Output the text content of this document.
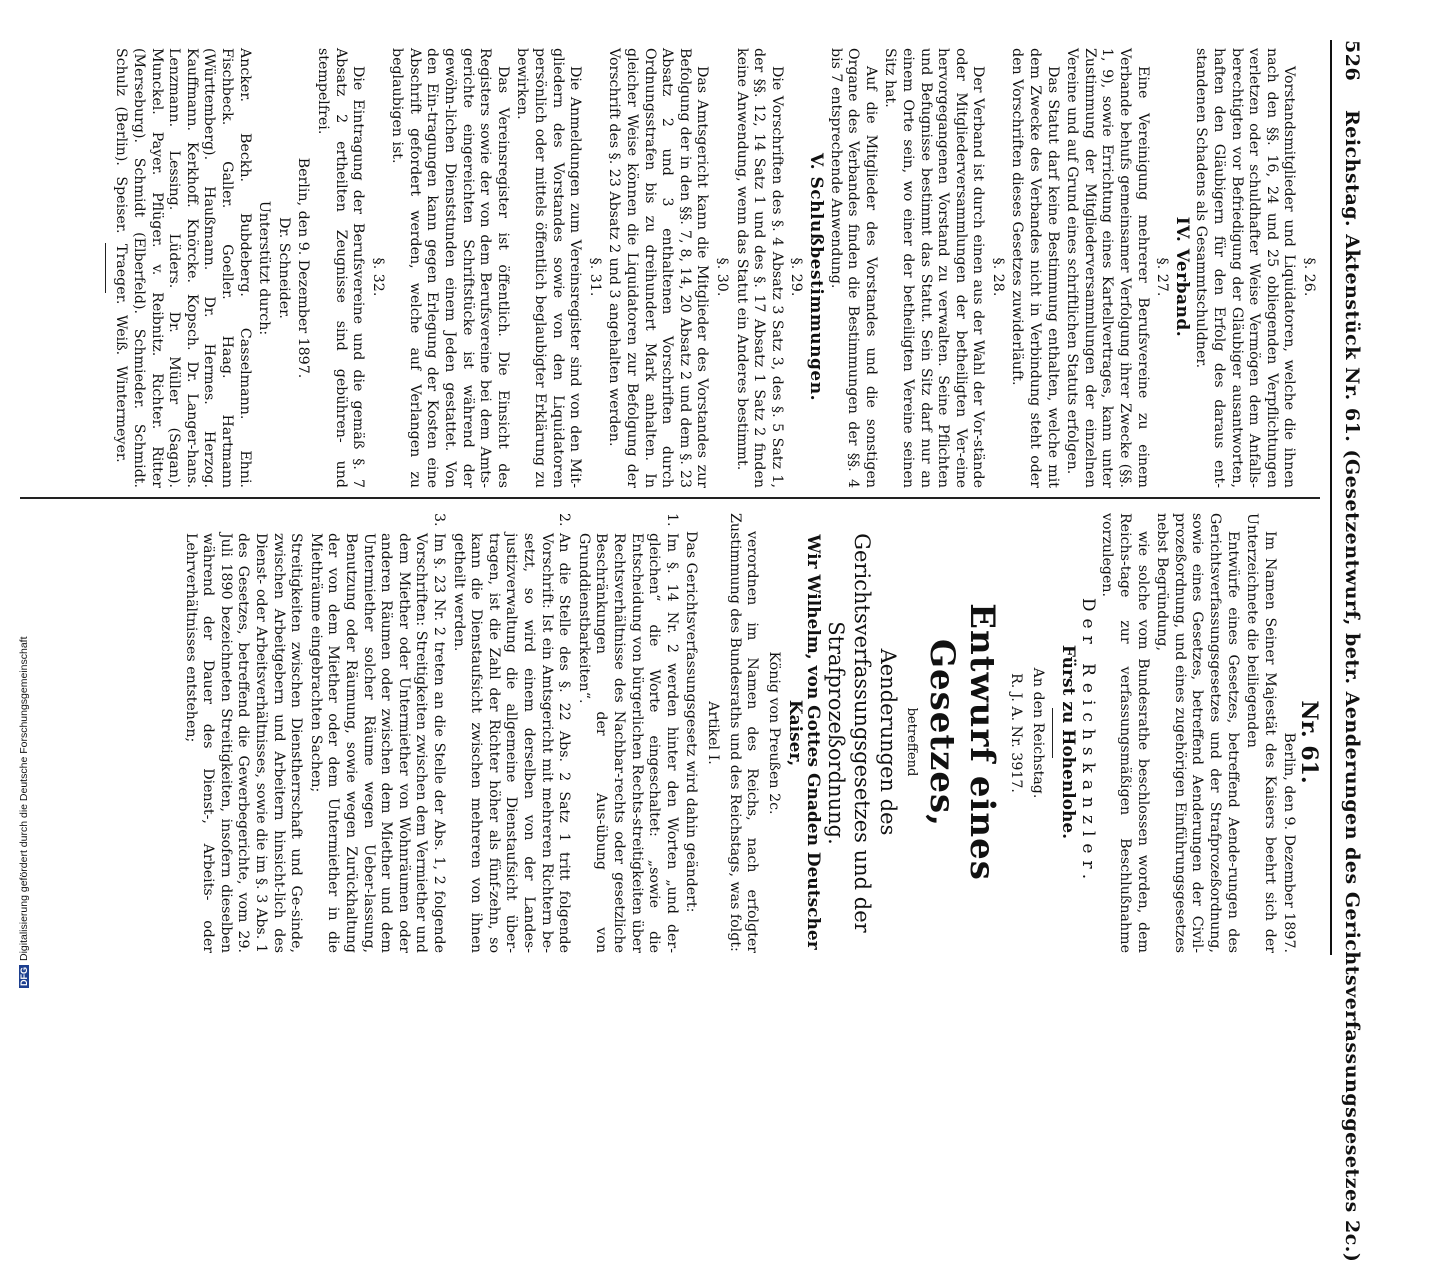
526
Reichstag. Aktenstück Nr. 61. (Gesetzentwurf, betr. Aenderungen des Gerichtsverfassungsgesetzes 2c.)

§. 26.

Vorstandsmitglieder und Liquidatoren, welche die ihnen nach den §§. 16, 24 und 25 obliegenden Verpflichtungen verletzen oder schuldhafter Weise Vermögen dem Anfalls-berechtigten vor Befriedigung der Gläubiger ausantworten, haften den Gläubigern für den Erfolg des daraus ent-standenen Schadens als Gesammtschuldner.

IV. Verband.

§. 27.

Eine Vereinigung mehrerer Berufsvereine zu einem Verbande behufs gemeinsamer Verfolgung ihrer Zwecke (§§. 1, 9), sowie Errichtung eines Kartellvertrages, kann unter Zustimmung der Mitgliederversammlungen der einzelnen Vereine und auf Grund eines schriftlichen Statuts erfolgen.

Das Statut darf keine Bestimmung enthalten, welche mit dem Zwecke des Verbandes nicht in Verbindung steht oder den Vorschriften dieses Gesetzes zuwiderläuft.

§. 28.

Der Verband ist durch einen aus der Wahl der Vor-stände oder Mitgliederversammlungen der betheiligten Ver-eine hervorgegangenen Vorstand zu verwalten. Seine Pflichten und Befugnisse bestimmt das Statut. Sein Sitz darf nur an einem Orte sein, wo einer der betheiligten Vereine seinen Sitz hat.

Auf die Mitglieder des Vorstandes und die sonstigen Organe des Verbandes finden die Bestimmungen der §§. 4 bis 7 entsprechende Anwendung.

V. Schlußbestimmungen.

§. 29.

Die Vorschriften des §. 4 Absatz 3 Satz 3, des §. 5 Satz 1, der §§. 12, 14 Satz 1 und des §. 17 Absatz 1 Satz 2 finden keine Anwendung, wenn das Statut ein Anderes bestimmt.

§. 30.

Das Amtsgericht kann die Mitglieder des Vorstandes zur Befolgung der in den §§. 7, 8, 14, 20 Absatz 2 und dem §. 23 Absatz 2 und 3 enthaltenen Vorschriften durch Ordnungsstrafen bis zu dreihundert Mark anhalten. In gleicher Weise können die Liquidatoren zur Befolgung der Vorschrift des §. 23 Absatz 2 und 3 angehalten werden.

§. 31.

Die Anmeldungen zum Vereinsregister sind von den Mit-gliedern des Vorstandes sowie von den Liquidatoren persönlich oder mittels öffentlich beglaubigter Erklärung zu bewirken.

Das Vereinsregister ist öffentlich. Die Einsicht des Registers sowie der von dem Berufsvereine bei dem Amts-gerichte eingereichten Schriftstücke ist während der gewöhn-lichen Dienststunden einem Jeden gestattet. Von den Ein-tragungen kann gegen Erlegung der Kosten eine Abschrift gefordert werden, welche auf Verlangen zu beglaubigen ist.

§. 32.

Die Eintragung der Berufsvereine und die gemäß §. 7 Absatz 2 ertheilten Zeugnisse sind gebühren- und stempelfrei.

Berlin, den 9. Dezember 1897.

Dr. Schneider.

Unterstützt durch:

Ancker. Beckh. Bubdeberg. Casselmann. Ehni. Fischbeck. Galler. Goeller. Haag. Hartmann (Württemberg). Haußmann. Dr. Hermes. Herzog. Kauffmann. Kerkhoff. Knörcke. Kopsch. Dr. Langer-hans. Lenzmann. Lessing. Lüders. Dr. Müller (Sagan). Munckel. Payer. Pflüger. v. Reibnitz. Richter. Ritter (Merseburg). Schmidt (Elberfeld). Schmieder. Schmidt. Schulz (Berlin). Speiser. Traeger. Weiß. Wintermeyer.

Nr. 61.

Berlin, den 9. Dezember 1897.

Im Namen Seiner Majestät des Kaisers beehrt sich der Unterzeichnete die beiliegenden

Entwürfe eines Gesetzes, betreffend Aende-rungen des Gerichtsverfassungsgesetzes und der Strafprozeßordnung, sowie eines Gesetzes, betreffend Aenderungen der Civil-prozeßordnung, und eines zugehörigen Einführungsgesetzes nebst Begründung,

wie solche vom Bundesrathe beschlossen worden, dem Reichs-tage zur verfassungsmäßigen Beschlußnahme vorzulegen.

Der Reichskanzler.

Fürst zu Hohenlohe.

An den Reichstag.

R. J. A. Nr. 3917.

Entwurf eines Gesetzes,

betreffend

Aenderungen des Gerichtsverfassungsgesetzes und der Strafprozeßordnung.

Wir Wilhelm, von Gottes Gnaden Deutscher Kaiser,

König von Preußen 2c.

verordnen im Namen des Reichs, nach erfolgter Zustimmung des Bundesraths und des Reichstags, was folgt:

Artikel I.

Das Gerichtsverfassungsgesetz wird dahin geändert:

1.
Im §. 14 Nr. 2 werden hinter den Worten „und der-gleichen“ die Worte eingeschaltet: „sowie die Entscheidung von bürgerlichen Rechts-streitigkeiten über Rechtsverhältnisse des Nachbar-rechts oder gesetzliche Beschränkungen der Aus-übung von Grunddienstbarkeiten“.

2.
An die Stelle des §. 22 Abs. 2 Satz 1 tritt folgende Vorschrift: Ist ein Amtsgericht mit mehreren Richtern be-setzt, so wird einem derselben von der Landes-justizverwaltung die allgemeine Dienstaufsicht über-tragen, ist die Zahl der Richter höher als fünf-zehn, so kann die Dienstaufsicht zwischen mehreren von ihnen getheilt werden.

3.
Im §. 23 Nr. 2 treten an die Stelle der Abs. 1, 2 folgende Vorschriften: Streitigkeiten zwischen dem Vermiether und dem Miether oder Untermiether von Wohnräumen oder anderen Räumen oder zwischen dem Miether und dem Untermiether solcher Räume wegen Ueber-lassung, Benutzung oder Räumung, sowie wegen Zurückhaltung der von dem Miether oder dem Untermiether in die Miethräume eingebrachten Sachen;

Streitigkeiten zwischen Dienstherrschaft und Ge-sinde, zwischen Arbeitgebern und Arbeitern hinsicht-lich des Dienst- oder Arbeitsverhältnisses, sowie die im §. 3 Abs. 1 des Gesetzes, betreffend die Gewerbegerichte, vom 29. Juli 1890 bezeichneten Streitigkeiten, insofern dieselben während der Dauer des Dienst-, Arbeits- oder Lehrverhältnisses entstehen;

DFGDigitalisierung gefördert durch die Deutsche Forschungsgemeinschaft
